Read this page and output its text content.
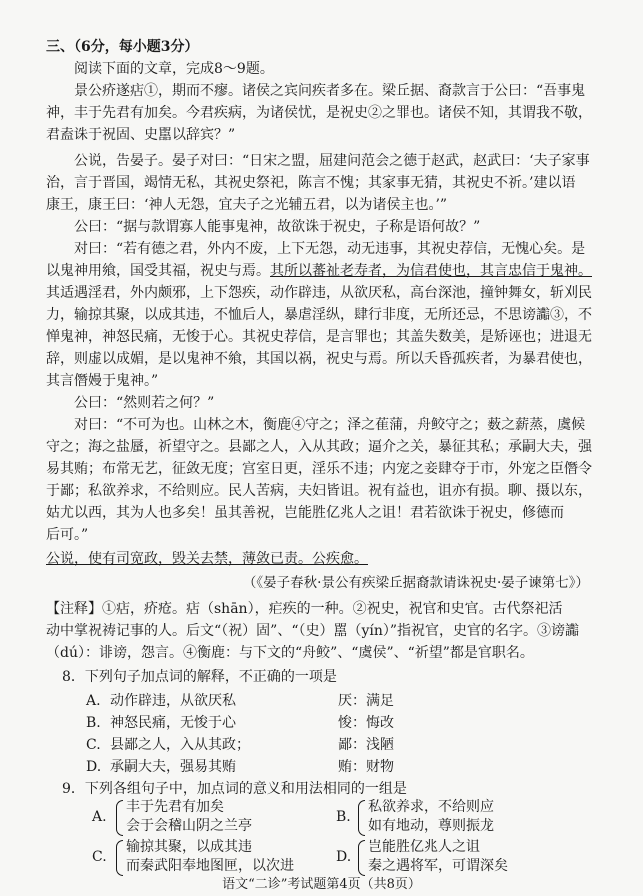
三、（6分，每小题3分）
阅读下面的文章，完成8～9题。
景公疥遂痁①，期而不瘳。诸侯之宾问疾者多在。梁丘据、裔款言于公曰：“吾事鬼
神，丰于先君有加矣。今君疾病，为诸侯忧，是祝史②之罪也。诸侯不知，其谓我不敬，
君盍诛于祝固、史嚚以辞宾？”
公说，告晏子。晏子对曰：“日宋之盟，屈建问范会之德于赵武，赵武曰：‘夫子家事
治，言于晋国，竭情无私，其祝史祭祀，陈言不愧；其家事无猜，其祝史不祈。’建以语
康王，康王曰：‘神人无怨，宜夫子之光辅五君，以为诸侯主也。’”
公曰：“据与款谓寡人能事鬼神，故欲诛于祝史，子称是语何故？”
对曰：“若有德之君，外内不废，上下无怨，动无违事，其祝史荐信，无愧心矣。是
以鬼神用飨，国受其福，祝史与焉。其所以蕃祉老寿者，为信君使也，其言忠信于鬼神。
其适遇淫君，外内颇邪，上下怨疾，动作辟违，从欲厌私，高台深池，撞钟舞女，斩刈民
力，输掠其聚，以成其违，不恤后人，暴虐淫纵，肆行非度，无所还忌，不思谤讟③，不
惮鬼神，神怒民痛，无悛于心。其祝史荐信，是言罪也；其盖失数美，是矫诬也；进退无
辞，则虚以成媚，是以鬼神不飨，其国以祸，祝史与焉。所以夭昏孤疾者，为暴君使也，
其言僭嫚于鬼神。”
公曰：“然则若之何？”
对曰：“不可为也。山林之木，衡鹿④守之；泽之萑蒲，舟鲛守之；薮之薪蒸，虞候
守之；海之盐蜃，祈望守之。县鄙之人，入从其政；逼介之关，暴征其私；承嗣大夫，强
易其贿；布常无艺，征敛无度；宫室日更，淫乐不违；内宠之妾肆夺于市，外宠之臣僭令
于鄙；私欲养求，不给则应。民人苦病，夫妇皆诅。祝有益也，诅亦有损。聊、摄以东，
姑尤以西，其为人也多矣！虽其善祝，岂能胜亿兆人之诅！君若欲诛于祝史，修德而
后可。”
公说，使有司宽政，毁关去禁，薄敛已责。公疾愈。
（《晏子春秋·景公有疾梁丘据裔款请诛祝史·晏子谏第七》）
【注释】①痁，疥疮。痁（shān），疟疾的一种。②祝史，祝官和史官。古代祭祀活
动中掌祝祷记事的人。后文“（祝）固”、“（史）嚚（yín）”指祝官，史官的名字。③谤讟
（dú）：诽谤，怨言。④衡鹿：与下文的“舟鲛”、“虞侯”、“祈望”都是官职名。
8．下列句子加点词的解释，不正确的一项是
A. 动作辟违，从欲厌私	厌：满足
B. 神怒民痛，无悛于心	悛：悔改
C. 县鄙之人，入从其政；	鄙：浅陋
D. 承嗣大夫，强易其贿	贿：财物
9．下列各组句子中，加点词的意义和用法相同的一组是
A.
丰于先君有加矣
会于会稽山阴之兰亭
B.
私欲养求，不给则应
如有地动，尊则振龙
C.
输掠其聚，以成其违
而秦武阳奉地图匣，以次进
D.
岂能胜亿兆人之诅
秦之遇将军，可谓深矣
语文“二诊”考试题第4页（共8页）
